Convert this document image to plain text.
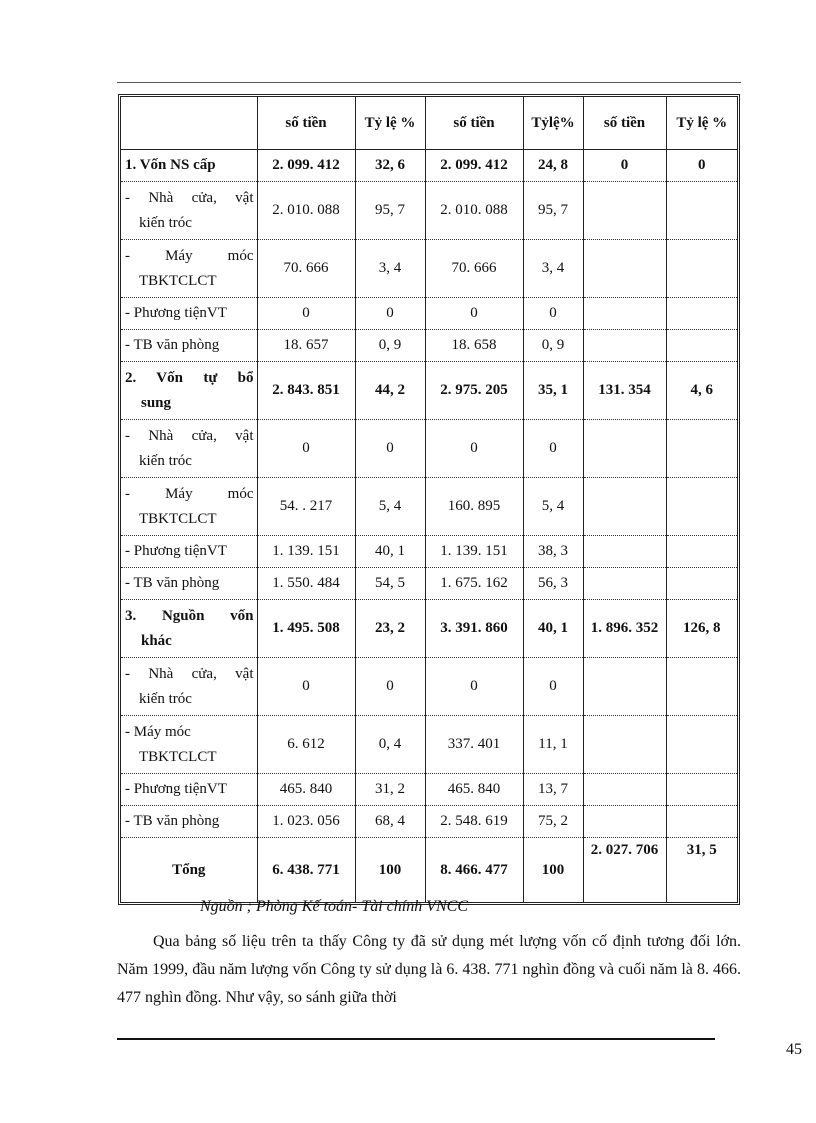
	số tiền	Tỷ lệ %	số tiền	Tỷlệ%	số tiền	Tỷ lệ %

1. Vốn NS cấp	2. 099. 412	32, 6	2. 099. 412	24, 8	0	0

- Nhà cửa, vật
kiến tróc	2. 010. 088	95, 7	2. 010. 088	95, 7		

- Máy móc
TBKTCLCT	70. 666	3, 4	70. 666	3, 4		

- Phương tiệnVT	0	0	0	0		

- TB văn phòng	18. 657	0, 9	18. 658	0, 9		

2. Vốn tự bổ
sung	2. 843. 851	44, 2	2. 975. 205	35, 1	131. 354	4, 6

- Nhà cửa, vật
kiến tróc	0	0	0	0		

- Máy móc
TBKTCLCT	54. . 217	5, 4	160. 895	5, 4		

- Phương tiệnVT	1. 139. 151	40, 1	1. 139. 151	38, 3		

- TB văn phòng	1. 550. 484	54, 5	1. 675. 162	56, 3		

3. Nguồn vốn
khác	1. 495. 508	23, 2	3. 391. 860	40, 1	1. 896. 352	126, 8

- Nhà cửa, vật
kiến tróc	0	0	0	0		

- Máy móc
TBKTCLCT	6. 612	0, 4	337. 401	11, 1		

- Phương tiệnVT	465. 840	31, 2	465. 840	13, 7		

- TB văn phòng	1. 023. 056	68, 4	2. 548. 619	75, 2		
Tổng	6. 438. 771	100	8. 466. 477	100	2. 027. 706	31, 5
Nguồn ; Phòng Kế toán- Tài chính VNCC
Qua bảng số liệu trên ta thấy Công ty đã sử dụng mét lượng vốn cố định tương đối lớn. Năm 1999, đầu năm lượng vốn Công ty sử dụng là 6. 438. 771 nghìn đồng và cuối năm là 8. 466. 477 nghìn đồng. Như vậy, so sánh giữa thời
45
